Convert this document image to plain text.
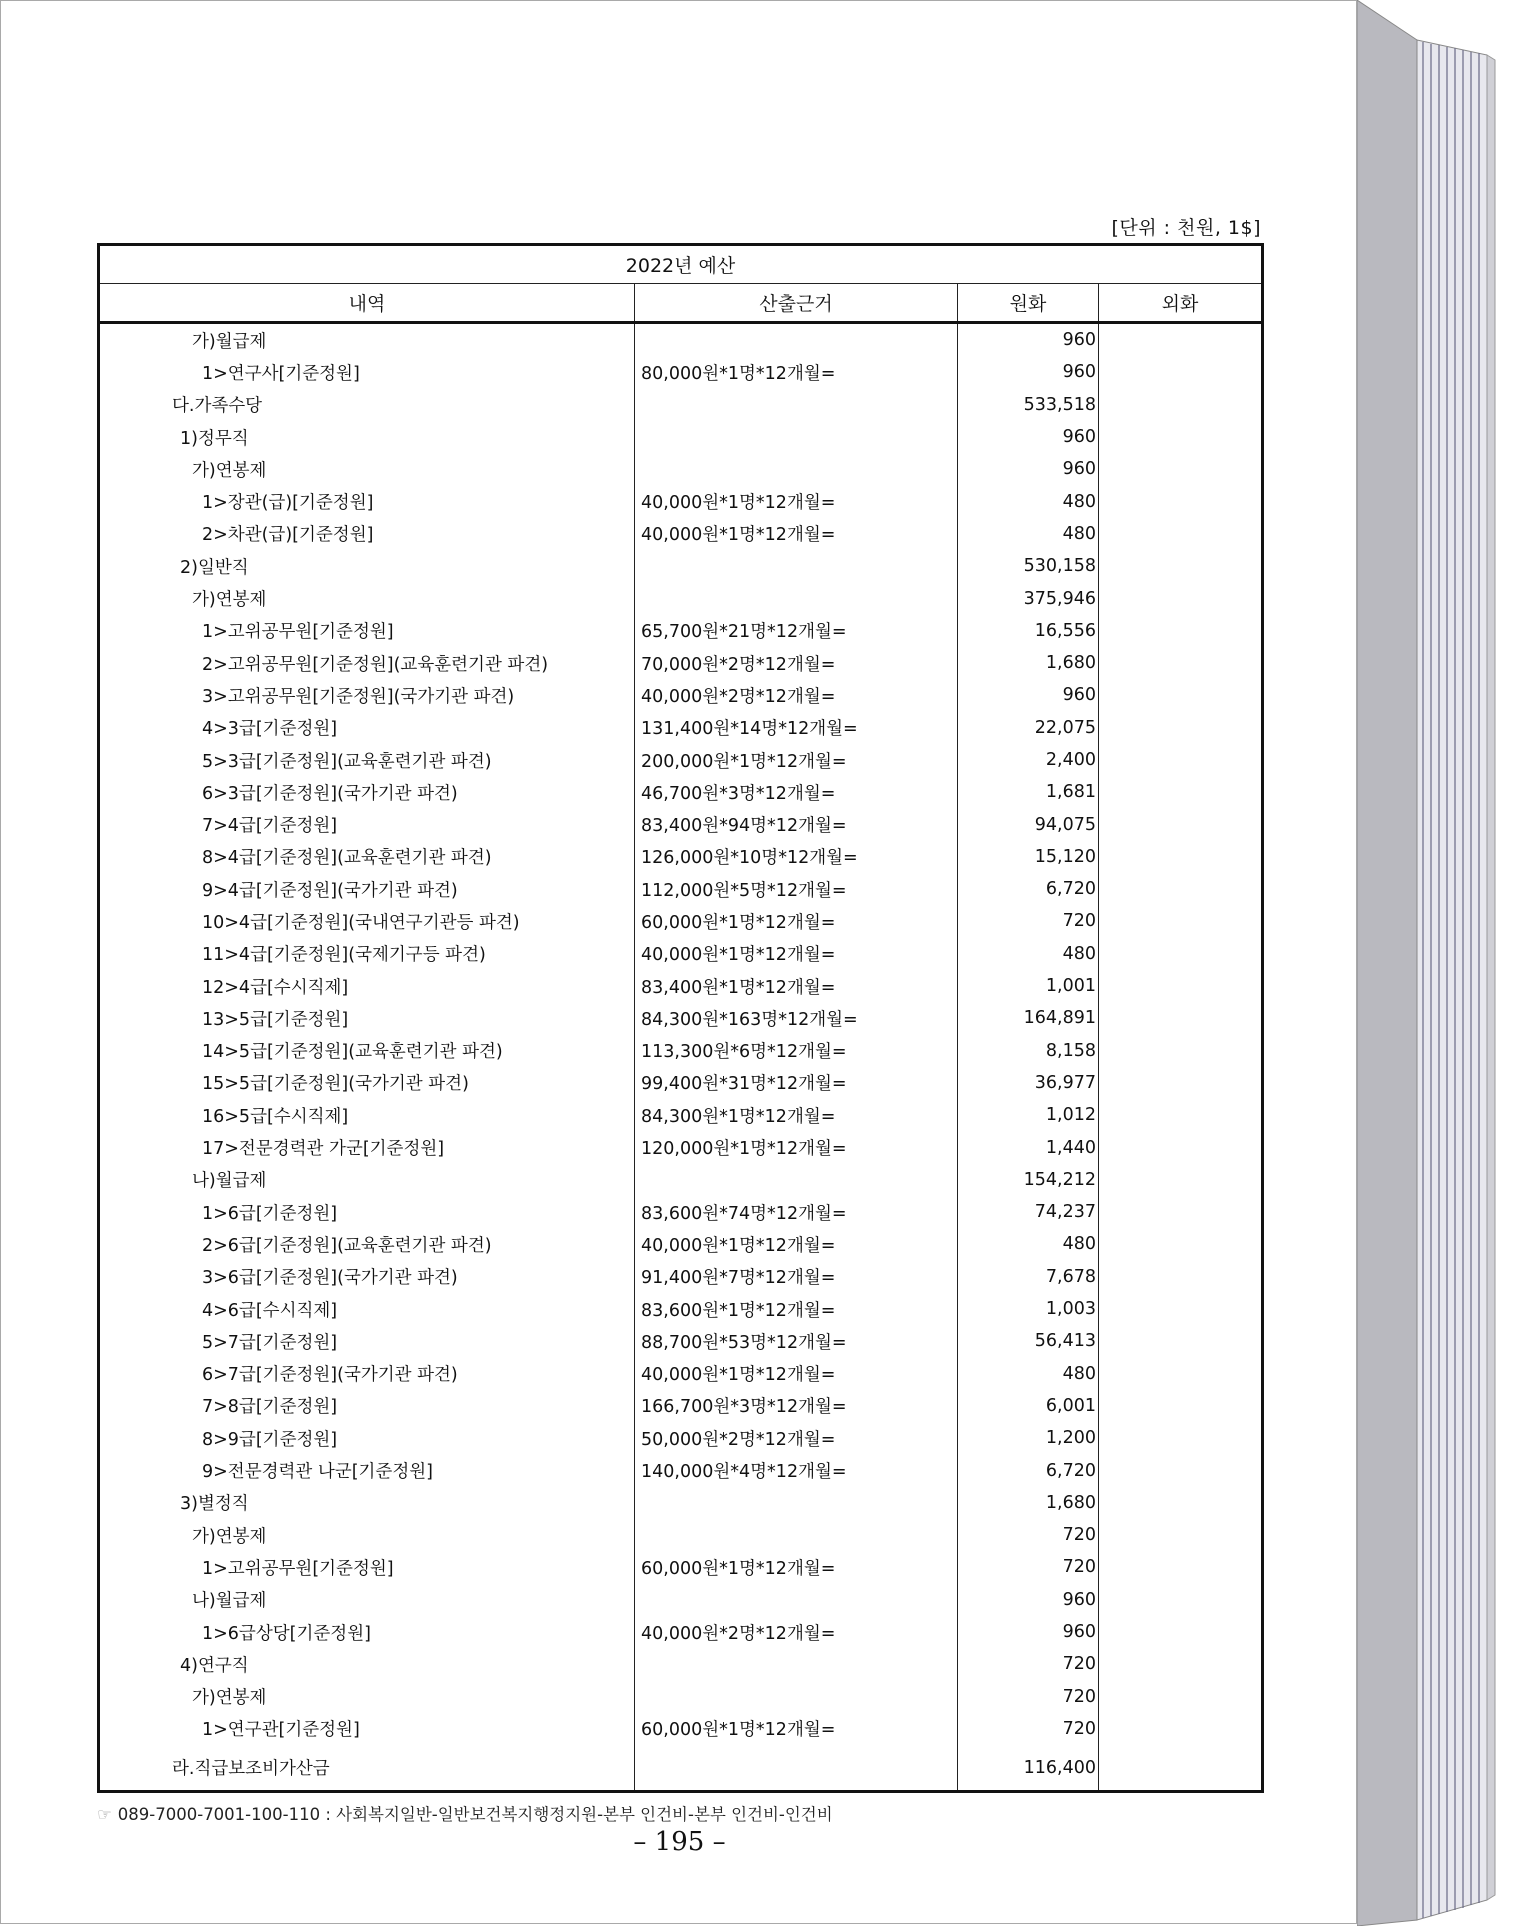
[단위 : 천원, 1$]
2022년 예산			
내역	산출근거	원화	외화
가)월급제		960	
1>연구사[기준정원]	80,000원*1명*12개월=	960	
다.가족수당		533,518	
1)정무직		960	
가)연봉제		960	
1>장관(급)[기준정원]	40,000원*1명*12개월=	480	
2>차관(급)[기준정원]	40,000원*1명*12개월=	480	
2)일반직		530,158	
가)연봉제		375,946	
1>고위공무원[기준정원]	65,700원*21명*12개월=	16,556	
2>고위공무원[기준정원](교육훈련기관 파견)	70,000원*2명*12개월=	1,680	
3>고위공무원[기준정원](국가기관 파견)	40,000원*2명*12개월=	960	
4>3급[기준정원]	131,400원*14명*12개월=	22,075	
5>3급[기준정원](교육훈련기관 파견)	200,000원*1명*12개월=	2,400	
6>3급[기준정원](국가기관 파견)	46,700원*3명*12개월=	1,681	
7>4급[기준정원]	83,400원*94명*12개월=	94,075	
8>4급[기준정원](교육훈련기관 파견)	126,000원*10명*12개월=	15,120	
9>4급[기준정원](국가기관 파견)	112,000원*5명*12개월=	6,720	
10>4급[기준정원](국내연구기관등 파견)	60,000원*1명*12개월=	720	
11>4급[기준정원](국제기구등 파견)	40,000원*1명*12개월=	480	
12>4급[수시직제]	83,400원*1명*12개월=	1,001	
13>5급[기준정원]	84,300원*163명*12개월=	164,891	
14>5급[기준정원](교육훈련기관 파견)	113,300원*6명*12개월=	8,158	
15>5급[기준정원](국가기관 파견)	99,400원*31명*12개월=	36,977	
16>5급[수시직제]	84,300원*1명*12개월=	1,012	
17>전문경력관 가군[기준정원]	120,000원*1명*12개월=	1,440	
나)월급제		154,212	
1>6급[기준정원]	83,600원*74명*12개월=	74,237	
2>6급[기준정원](교육훈련기관 파견)	40,000원*1명*12개월=	480	
3>6급[기준정원](국가기관 파견)	91,400원*7명*12개월=	7,678	
4>6급[수시직제]	83,600원*1명*12개월=	1,003	
5>7급[기준정원]	88,700원*53명*12개월=	56,413	
6>7급[기준정원](국가기관 파견)	40,000원*1명*12개월=	480	
7>8급[기준정원]	166,700원*3명*12개월=	6,001	
8>9급[기준정원]	50,000원*2명*12개월=	1,200	
9>전문경력관 나군[기준정원]	140,000원*4명*12개월=	6,720	
3)별정직		1,680	
가)연봉제		720	
1>고위공무원[기준정원]	60,000원*1명*12개월=	720	
나)월급제		960	
1>6급상당[기준정원]	40,000원*2명*12개월=	960	
4)연구직		720	
가)연봉제		720	
1>연구관[기준정원]	60,000원*1명*12개월=	720	
라.직급보조비가산금		116,400	
☞ 089-7000-7001-100-110 : 사회복지일반-일반보건복지행정지원-본부 인건비-본부 인건비-인건비
– 195 –
